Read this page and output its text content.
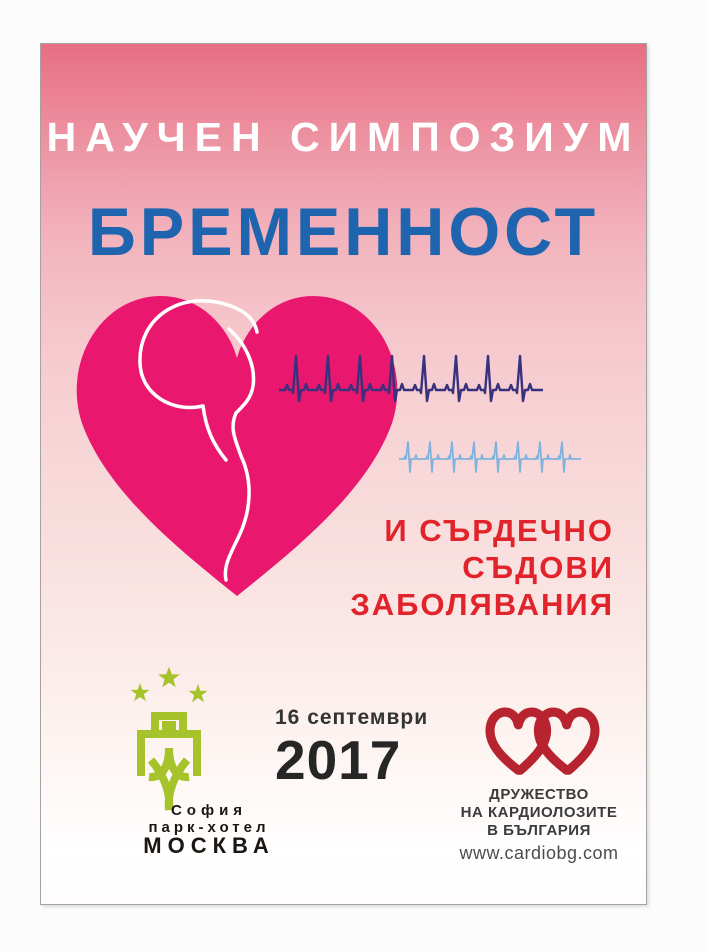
НАУЧЕН СИМПОЗИУМ
БРЕМЕННОСТ
И СЪРДЕЧНО
СЪДОВИ
ЗАБОЛЯВАНИЯ
София
парк-хотел
МОСКВА
16 септември
2017
ДРУЖЕСТВО
НА КАРДИОЛОЗИТЕ
В БЪЛГАРИЯ
www.cardiobg.com
